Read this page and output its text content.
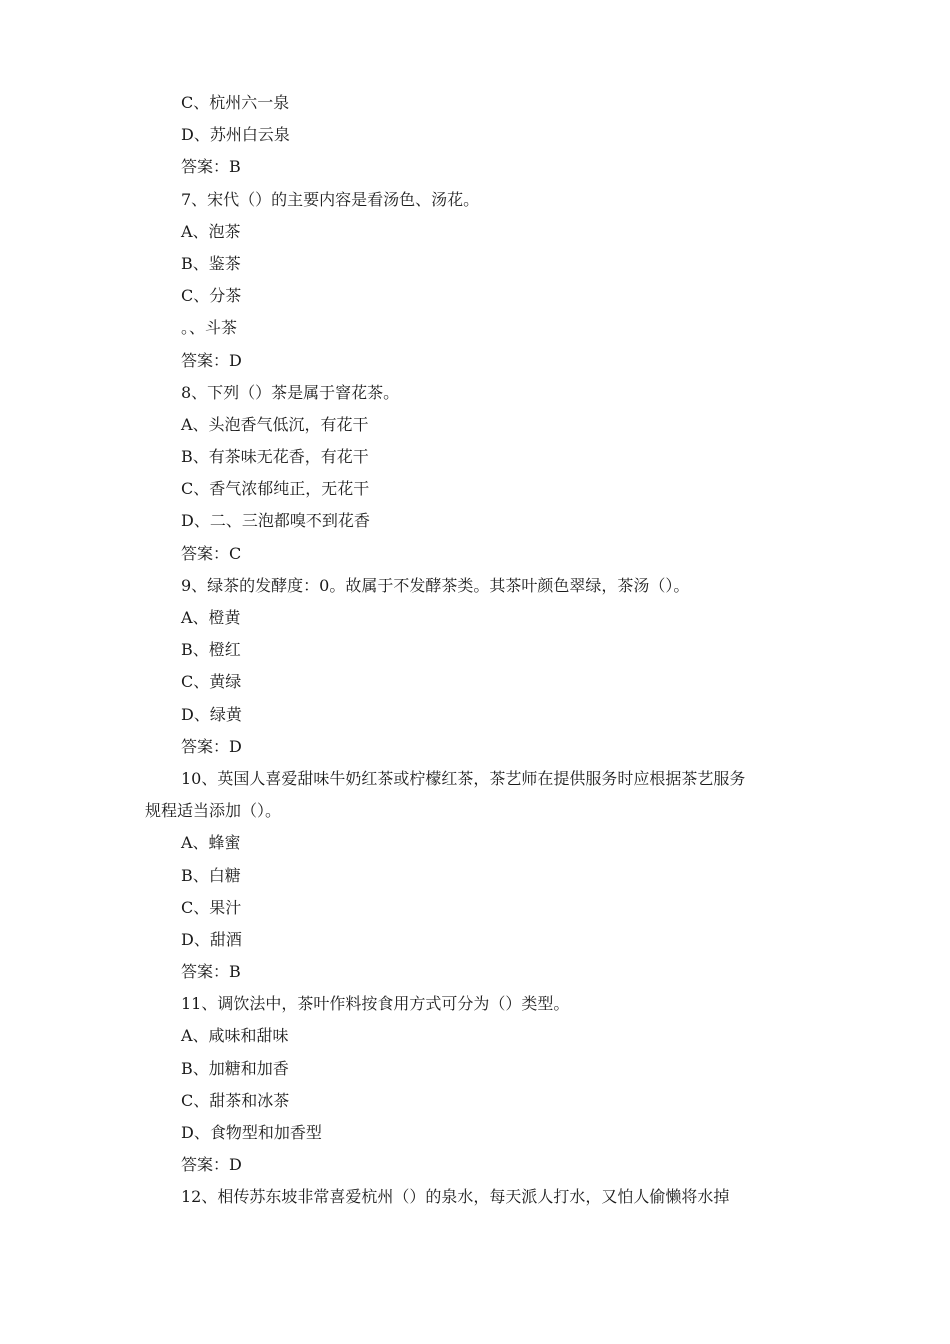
C、杭州六一泉
D、苏州白云泉
答案：B
7、宋代（）的主要内容是看汤色、汤花。
A、泡茶
B、鉴茶
C、分茶
。、斗茶
答案：D
8、下列（）茶是属于窨花茶。
A、头泡香气低沉，有花干
B、有茶味无花香，有花干
C、香气浓郁纯正，无花干
D、二、三泡都嗅不到花香
答案：C
9、绿茶的发酵度：0。故属于不发酵茶类。其茶叶颜色翠绿，茶汤（）。
A、橙黄
B、橙红
C、黄绿
D、绿黄
答案：D
10、英国人喜爱甜味牛奶红茶或柠檬红茶，茶艺师在提供服务时应根据茶艺服务
规程适当添加（）。
A、蜂蜜
B、白糖
C、果汁
D、甜酒
答案：B
11、调饮法中，茶叶作料按食用方式可分为（）类型。
A、咸味和甜味
B、加糖和加香
C、甜茶和冰茶
D、食物型和加香型
答案：D
12、相传苏东坡非常喜爱杭州（）的泉水，每天派人打水，又怕人偷懒将水掉
